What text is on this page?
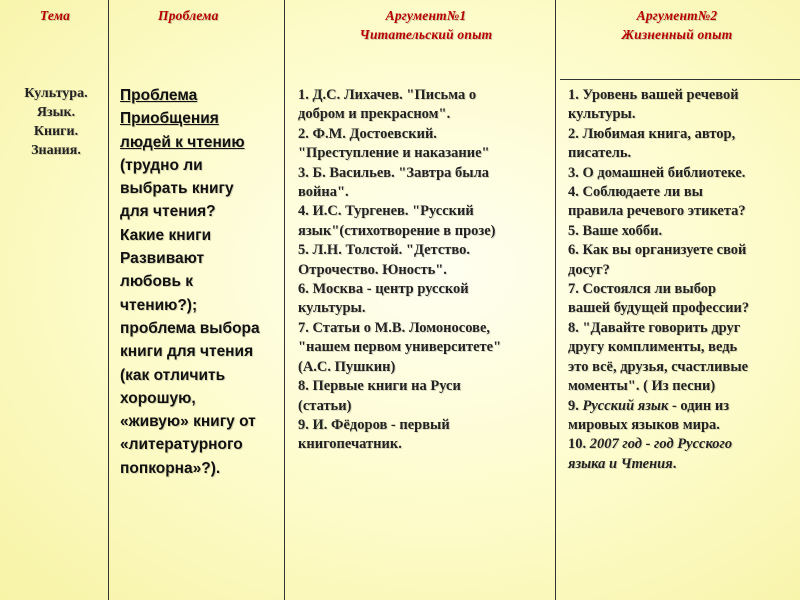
Тема	Проблема	Аргумент№1
Читательский опыт
Аргумент№2
Жизненный опыт
Культура.
Язык.
Книги.
Знания.
Проблема
Приобщения
людей к чтению
(трудно ли
выбрать книгу
для чтения?
Какие книги
Развивают
любовь к
чтению?);
проблема выбора
книги для чтения
(как отличить
хорошую,
«живую» книгу от
«литературного
попкорна»?).
1. Д.С. Лихачев. "Письма о
добром и прекрасном".
2. Ф.М. Достоевский.
"Преступление и наказание"
3. Б. Васильев. "Завтра была
война".
4. И.С. Тургенев. "Русский
язык"(стихотворение в прозе)
5. Л.Н. Толстой. "Детство.
Отрочество. Юность".
6. Москва - центр русской
культуры.
7. Статьи о М.В. Ломоносове,
"нашем первом университете"
(А.С. Пушкин)
8. Первые книги на Руси
(статьи)
9. И. Фёдоров - первый
книгопечатник.
1. Уровень вашей речевой
культуры.
2. Любимая книга, автор,
писатель.
3. О домашней библиотеке.
4. Соблюдаете ли вы
правила речевого этикета?
5. Ваше хобби.
6. Как вы организуете свой
досуг?
7. Состоялся ли выбор
вашей будущей профессии?
8. "Давайте говорить друг
другу комплименты, ведь
это всё, друзья, счастливые
моменты". ( Из песни)
9. Русский язык - один из
мировых языков мира.
10. 2007 год - год Русского
языка и Чтения.
